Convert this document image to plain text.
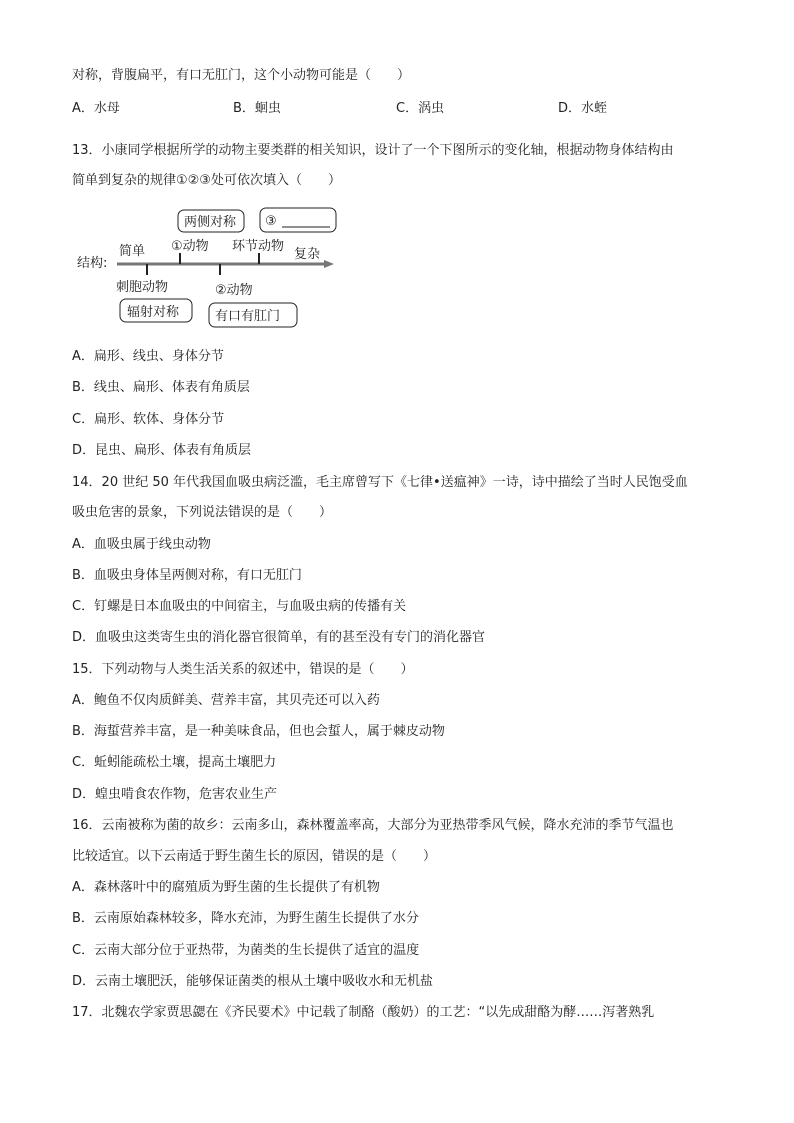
对称，背腹扁平，有口无肛门，这个小动物可能是（　　）
A．水母	B．蛔虫	C．涡虫	D．水蛭
13．小康同学根据所学的动物主要类群的相关知识，设计了一个下图所示的变化轴，根据动物身体结构由
简单到复杂的规律①②③处可依次填入（　　）
结构:
简单 ①动物 环节动物
复杂
刺胞动物	②动物
两侧对称 ③
辐射对称	有口有肛门
A．扁形、线虫、身体分节
B．线虫、扁形、体表有角质层
C．扁形、软体、身体分节
D．昆虫、扁形、体表有角质层
14．20 世纪 50 年代我国血吸虫病泛滥，毛主席曾写下《七律•送瘟神》一诗，诗中描绘了当时人民饱受血
吸虫危害的景象，下列说法错误的是（　　）
A．血吸虫属于线虫动物
B．血吸虫身体呈两侧对称，有口无肛门
C．钉螺是日本血吸虫的中间宿主，与血吸虫病的传播有关
D．血吸虫这类寄生虫的消化器官很简单，有的甚至没有专门的消化器官
15．下列动物与人类生活关系的叙述中，错误的是（　　）
A．鲍鱼不仅肉质鲜美、营养丰富，其贝壳还可以入药
B．海蜇营养丰富，是一种美味食品，但也会蜇人，属于棘皮动物
C．蚯蚓能疏松土壤，提高土壤肥力
D．蝗虫啃食农作物，危害农业生产
16．云南被称为菌的故乡：云南多山，森林覆盖率高，大部分为亚热带季风气候，降水充沛的季节气温也
比较适宜。以下云南适于野生菌生长的原因，错误的是（　　）
A．森林落叶中的腐殖质为野生菌的生长提供了有机物
B．云南原始森林较多，降水充沛，为野生菌生长提供了水分
C．云南大部分位于亚热带，为菌类的生长提供了适宜的温度
D．云南土壤肥沃，能够保证菌类的根从土壤中吸收水和无机盐
17．北魏农学家贾思勰在《齐民要术》中记载了制酪（酸奶）的工艺：“以先成甜酪为酵……泻著熟乳
